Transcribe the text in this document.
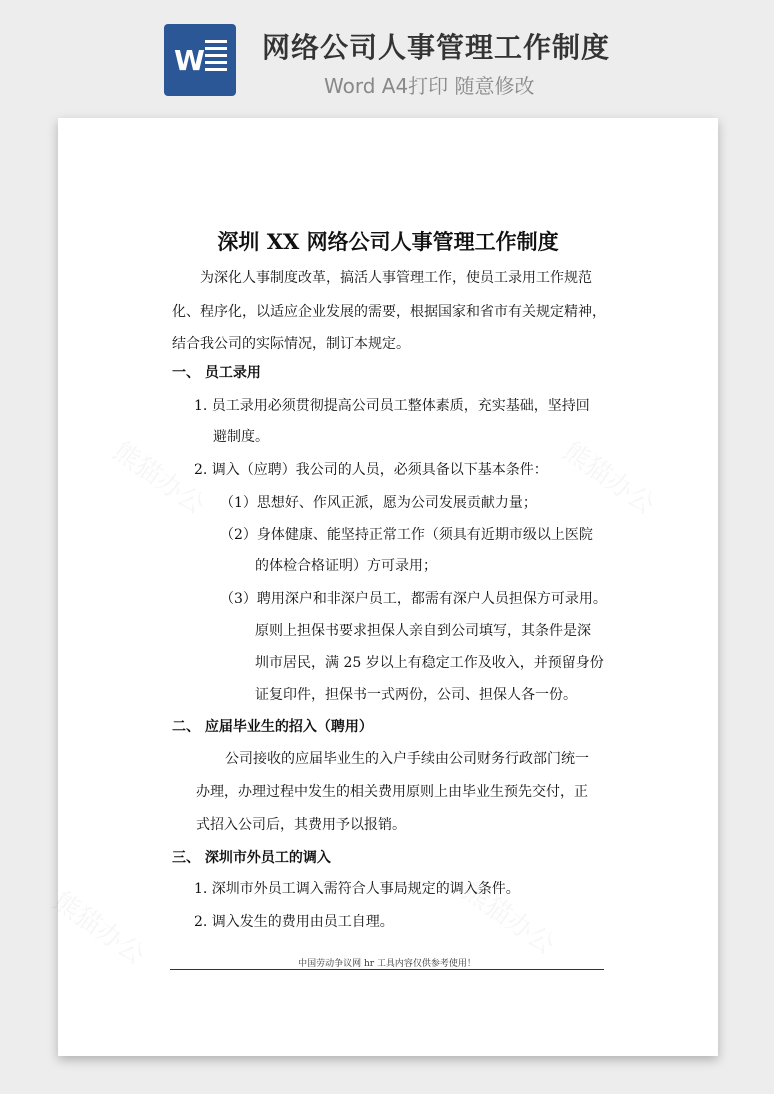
W 网络公司人事管理工作制度
Word A4打印 随意修改
深圳 XX 网络公司人事管理工作制度
为深化人事制度改革，搞活人事管理工作，使员工录用工作规范
化、程序化，以适应企业发展的需要，根据国家和省市有关规定精神，
结合我公司的实际情况，制订本规定。
一、 员工录用
1. 员工录用必须贯彻提高公司员工整体素质，充实基础，坚持回
避制度。
2. 调入（应聘）我公司的人员，必须具备以下基本条件：
（1）思想好、作风正派，愿为公司发展贡献力量；
（2）身体健康、能坚持正常工作（须具有近期市级以上医院
的体检合格证明）方可录用；
（3）聘用深户和非深户员工，都需有深户人员担保方可录用。
原则上担保书要求担保人亲自到公司填写，其条件是深
圳市居民，满 25 岁以上有稳定工作及收入，并预留身份
证复印件，担保书一式两份，公司、担保人各一份。
二、 应届毕业生的招入（聘用）
公司接收的应届毕业生的入户手续由公司财务行政部门统一
办理，办理过程中发生的相关费用原则上由毕业生预先交付，正
式招入公司后，其费用予以报销。
三、 深圳市外员工的调入
1. 深圳市外员工调入需符合人事局规定的调入条件。
2. 调入发生的费用由员工自理。
中国劳动争议网 hr 工具内容仅供参考使用！
